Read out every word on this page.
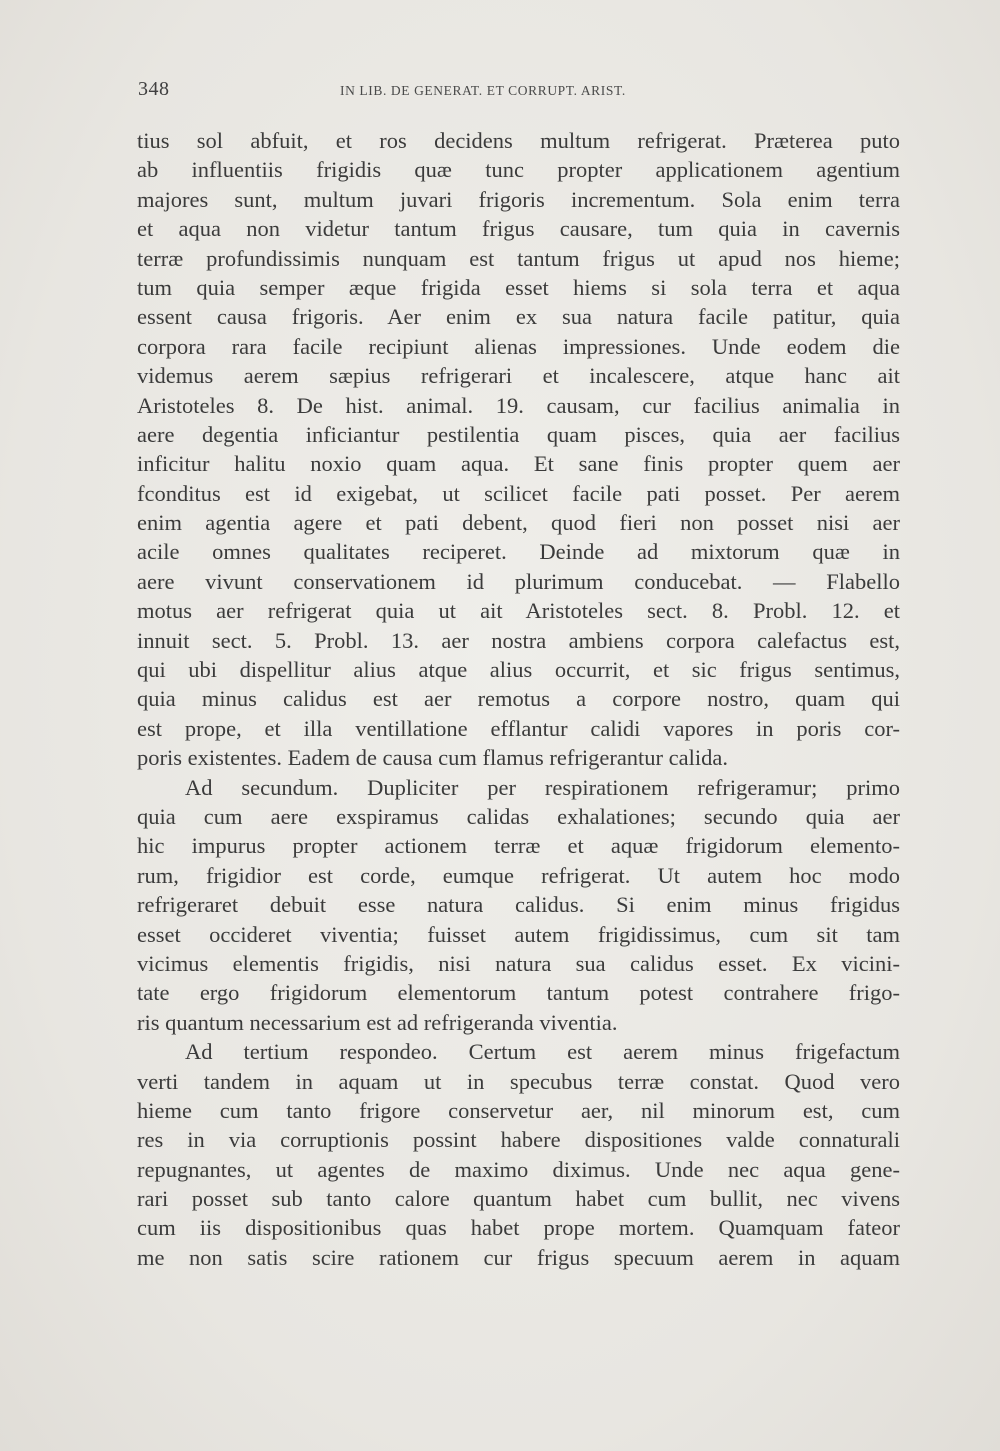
348	IN LIB. DE GENERAT. ET CORRUPT. ARIST.
tius sol abfuit, et ros decidens multum refrigerat. Præterea puto
ab influentiis frigidis quæ tunc propter applicationem agentium
majores sunt, multum juvari frigoris incrementum. Sola enim terra
et aqua non videtur tantum frigus causare, tum quia in cavernis
terræ profundissimis nunquam est tantum frigus ut apud nos hieme;
tum quia semper æque frigida esset hiems si sola terra et aqua
essent causa frigoris. Aer enim ex sua natura facile patitur, quia
corpora rara facile recipiunt alienas impressiones. Unde eodem die
videmus aerem sæpius refrigerari et incalescere, atque hanc ait
Aristoteles 8. De hist. animal. 19. causam, cur facilius animalia in
aere degentia inficiantur pestilentia quam pisces, quia aer facilius
inficitur halitu noxio quam aqua. Et sane finis propter quem aer
fconditus est id exigebat, ut scilicet facile pati posset. Per aerem
enim agentia agere et pati debent, quod fieri non posset nisi aer
acile omnes qualitates reciperet. Deinde ad mixtorum quæ in
aere vivunt conservationem id plurimum conducebat. — Flabello
motus aer refrigerat quia ut ait Aristoteles sect. 8. Probl. 12. et
innuit sect. 5. Probl. 13. aer nostra ambiens corpora calefactus est,
qui ubi dispellitur alius atque alius occurrit, et sic frigus sentimus,
quia minus calidus est aer remotus a corpore nostro, quam qui
est prope, et illa ventillatione efflantur calidi vapores in poris cor-
poris existentes. Eadem de causa cum flamus refrigerantur calida.
Ad secundum. Dupliciter per respirationem refrigeramur; primo
quia cum aere exspiramus calidas exhalationes; secundo quia aer
hic impurus propter actionem terræ et aquæ frigidorum elemento-
rum, frigidior est corde, eumque refrigerat. Ut autem hoc modo
refrigeraret debuit esse natura calidus. Si enim minus frigidus
esset occideret viventia; fuisset autem frigidissimus, cum sit tam
vicimus elementis frigidis, nisi natura sua calidus esset. Ex vicini-
tate ergo frigidorum elementorum tantum potest contrahere frigo-
ris quantum necessarium est ad refrigeranda viventia.
Ad tertium respondeo. Certum est aerem minus frigefactum
verti tandem in aquam ut in specubus terræ constat. Quod vero
hieme cum tanto frigore conservetur aer, nil minorum est, cum
res in via corruptionis possint habere dispositiones valde connaturali
repugnantes, ut agentes de maximo diximus. Unde nec aqua gene-
rari posset sub tanto calore quantum habet cum bullit, nec vivens
cum iis dispositionibus quas habet prope mortem. Quamquam fateor
me non satis scire rationem cur frigus specuum aerem in aquam
